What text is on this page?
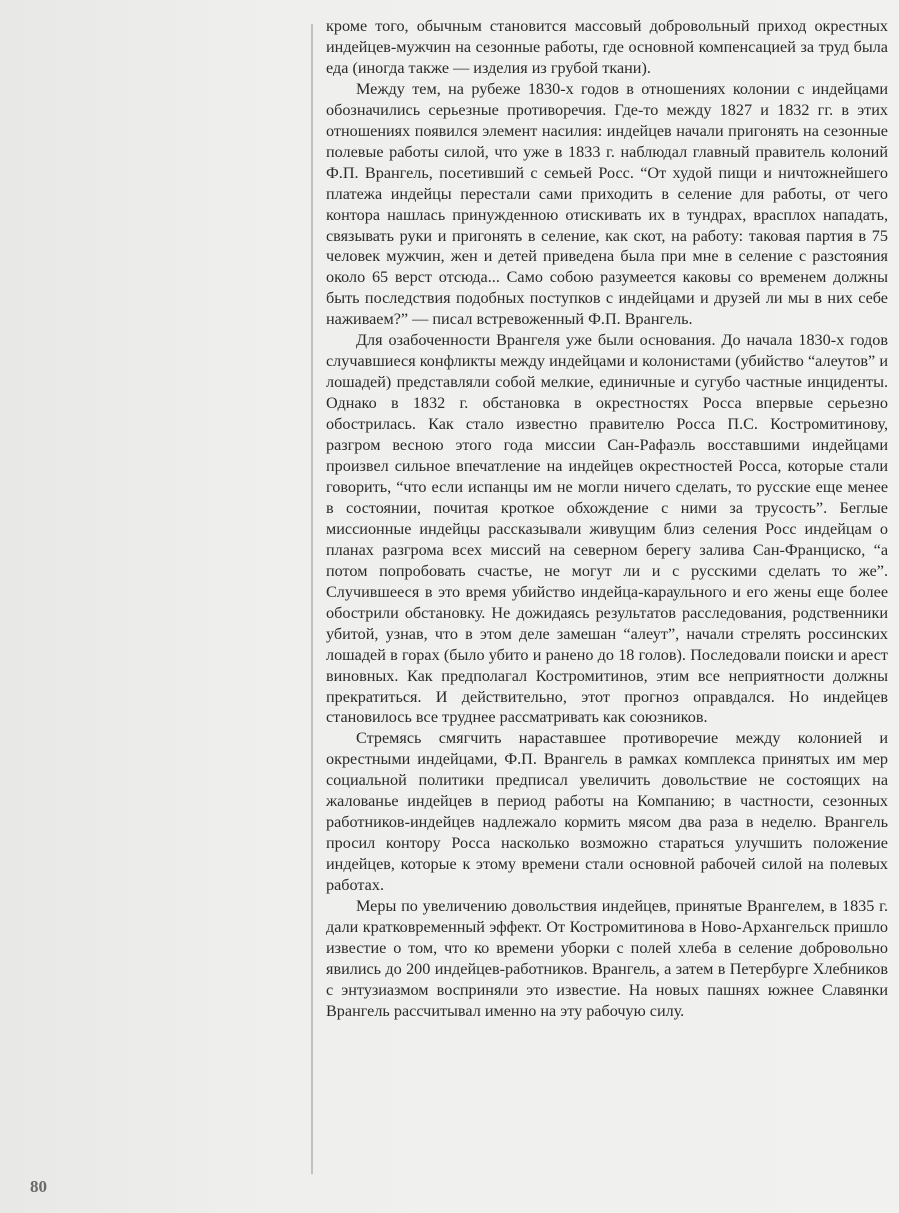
кроме того, обычным становится массовый добровольный приход окрестных индейцев-мужчин на сезонные работы, где основной компенсацией за труд была еда (иногда также — изделия из грубой ткани).

Между тем, на рубеже 1830-х годов в отношениях колонии с индейцами обозначились серьезные противоречия. Где-то между 1827 и 1832 гг. в этих отношениях появился элемент насилия: индейцев начали пригонять на сезонные полевые работы силой, что уже в 1833 г. наблюдал главный правитель колоний Ф.П. Врангель, посетивший с семьей Росс. “От худой пищи и ничтожнейшего платежа индейцы перестали сами приходить в селение для работы, от чего контора нашлась принужденною отискивать их в тундрах, врасплох нападать, связывать руки и пригонять в селение, как скот, на работу: таковая партия в 75 человек мужчин, жен и детей приведена была при мне в селение с разстояния около 65 верст отсюда... Само собою разумеется каковы со временем должны быть последствия подобных поступков с индейцами и друзей ли мы в них себе наживаем?” — писал встревоженный Ф.П. Врангель.

Для озабоченности Врангеля уже были основания. До начала 1830-х годов случавшиеся конфликты между индейцами и колонистами (убийство “алеутов” и лошадей) представляли собой мелкие, единичные и сугубо частные инциденты. Однако в 1832 г. обстановка в окрестностях Росса впервые серьезно обострилась. Как стало известно правителю Росса П.С. Костромитинову, разгром весною этого года миссии Сан-Рафаэль восставшими индейцами произвел сильное впечатление на индейцев окрестностей Росса, которые стали говорить, “что если испанцы им не могли ничего сделать, то русские еще менее в состоянии, почитая кроткое обхождение с ними за трусость”. Беглые миссионные индейцы рассказывали живущим близ селения Росс индейцам о планах разгрома всех миссий на северном берегу залива Сан-Франциско, “а потом попробовать счастье, не могут ли и с русскими сделать то же”. Случившееся в это время убийство индейца-караульного и его жены еще более обострили обстановку. Не дожидаясь результатов расследования, родственники убитой, узнав, что в этом деле замешан “алеут”, начали стрелять россинских лошадей в горах (было убито и ранено до 18 голов). Последовали поиски и арест виновных. Как предполагал Костромитинов, этим все неприятности должны прекратиться. И действительно, этот прогноз оправдался. Но индейцев становилось все труднее рассматривать как союзников.

Стремясь смягчить нараставшее противоречие между колонией и окрестными индейцами, Ф.П. Врангель в рамках комплекса принятых им мер социальной политики предписал увеличить довольствие не состоящих на жалованье индейцев в период работы на Компанию; в частности, сезонных работников-индейцев надлежало кормить мясом два раза в неделю. Врангель просил контору Росса насколько возможно стараться улучшить положение индейцев, которые к этому времени стали основной рабочей силой на полевых работах.

Меры по увеличению довольствия индейцев, принятые Врангелем, в 1835 г. дали кратковременный эффект. От Костромитинова в Ново-Архангельск пришло известие о том, что ко времени уборки с полей хлеба в селение добровольно явились до 200 индейцев-работников. Врангель, а затем в Петербурге Хлебников с энтузиазмом восприняли это известие. На новых пашнях южнее Славянки Врангель рассчитывал именно на эту рабочую силу.

80
